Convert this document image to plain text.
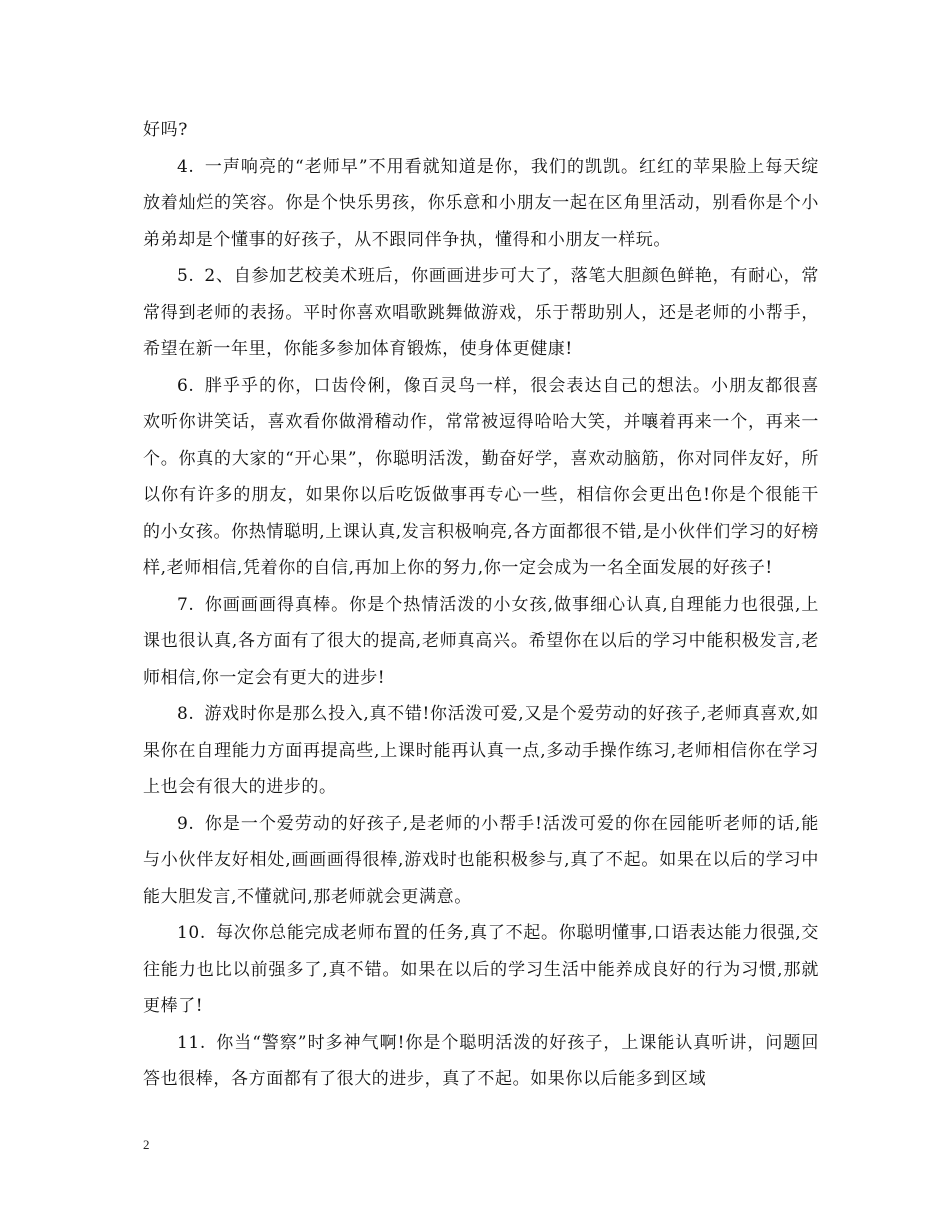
好吗?

4. 一声响亮的“老师早”不用看就知道是你，我们的凯凯。红红的苹果脸上每天绽放着灿烂的笑容。你是个快乐男孩，你乐意和小朋友一起在区角里活动，别看你是个小弟弟却是个懂事的好孩子，从不跟同伴争执，懂得和小朋友一样玩。

5. 2、自参加艺校美术班后，你画画进步可大了，落笔大胆颜色鲜艳，有耐心，常常得到老师的表扬。平时你喜欢唱歌跳舞做游戏，乐于帮助别人，还是老师的小帮手，希望在新一年里，你能多参加体育锻炼，使身体更健康!

6. 胖乎乎的你，口齿伶俐，像百灵鸟一样，很会表达自己的想法。小朋友都很喜欢听你讲笑话，喜欢看你做滑稽动作，常常被逗得哈哈大笑，并嚷着再来一个，再来一个。你真的大家的“开心果”，你聪明活泼，勤奋好学，喜欢动脑筋，你对同伴友好，所以你有许多的朋友，如果你以后吃饭做事再专心一些，相信你会更出色!你是个很能干的小女孩。你热情聪明,上课认真,发言积极响亮,各方面都很不错,是小伙伴们学习的好榜样,老师相信,凭着你的自信,再加上你的努力,你一定会成为一名全面发展的好孩子!

7. 你画画画得真棒。你是个热情活泼的小女孩,做事细心认真,自理能力也很强,上课也很认真,各方面有了很大的提高,老师真高兴。希望你在以后的学习中能积极发言,老师相信,你一定会有更大的进步!

8. 游戏时你是那么投入,真不错!你活泼可爱,又是个爱劳动的好孩子,老师真喜欢,如果你在自理能力方面再提高些,上课时能再认真一点,多动手操作练习,老师相信你在学习上也会有很大的进步的。

9. 你是一个爱劳动的好孩子,是老师的小帮手!活泼可爱的你在园能听老师的话,能与小伙伴友好相处,画画画得很棒,游戏时也能积极参与,真了不起。如果在以后的学习中能大胆发言,不懂就问,那老师就会更满意。

10. 每次你总能完成老师布置的任务,真了不起。你聪明懂事,口语表达能力很强,交往能力也比以前强多了,真不错。如果在以后的学习生活中能养成良好的行为习惯,那就更棒了!

11. 你当“警察”时多神气啊!你是个聪明活泼的好孩子，上课能认真听讲，问题回答也很棒，各方面都有了很大的进步，真了不起。如果你以后能多到区域

2
